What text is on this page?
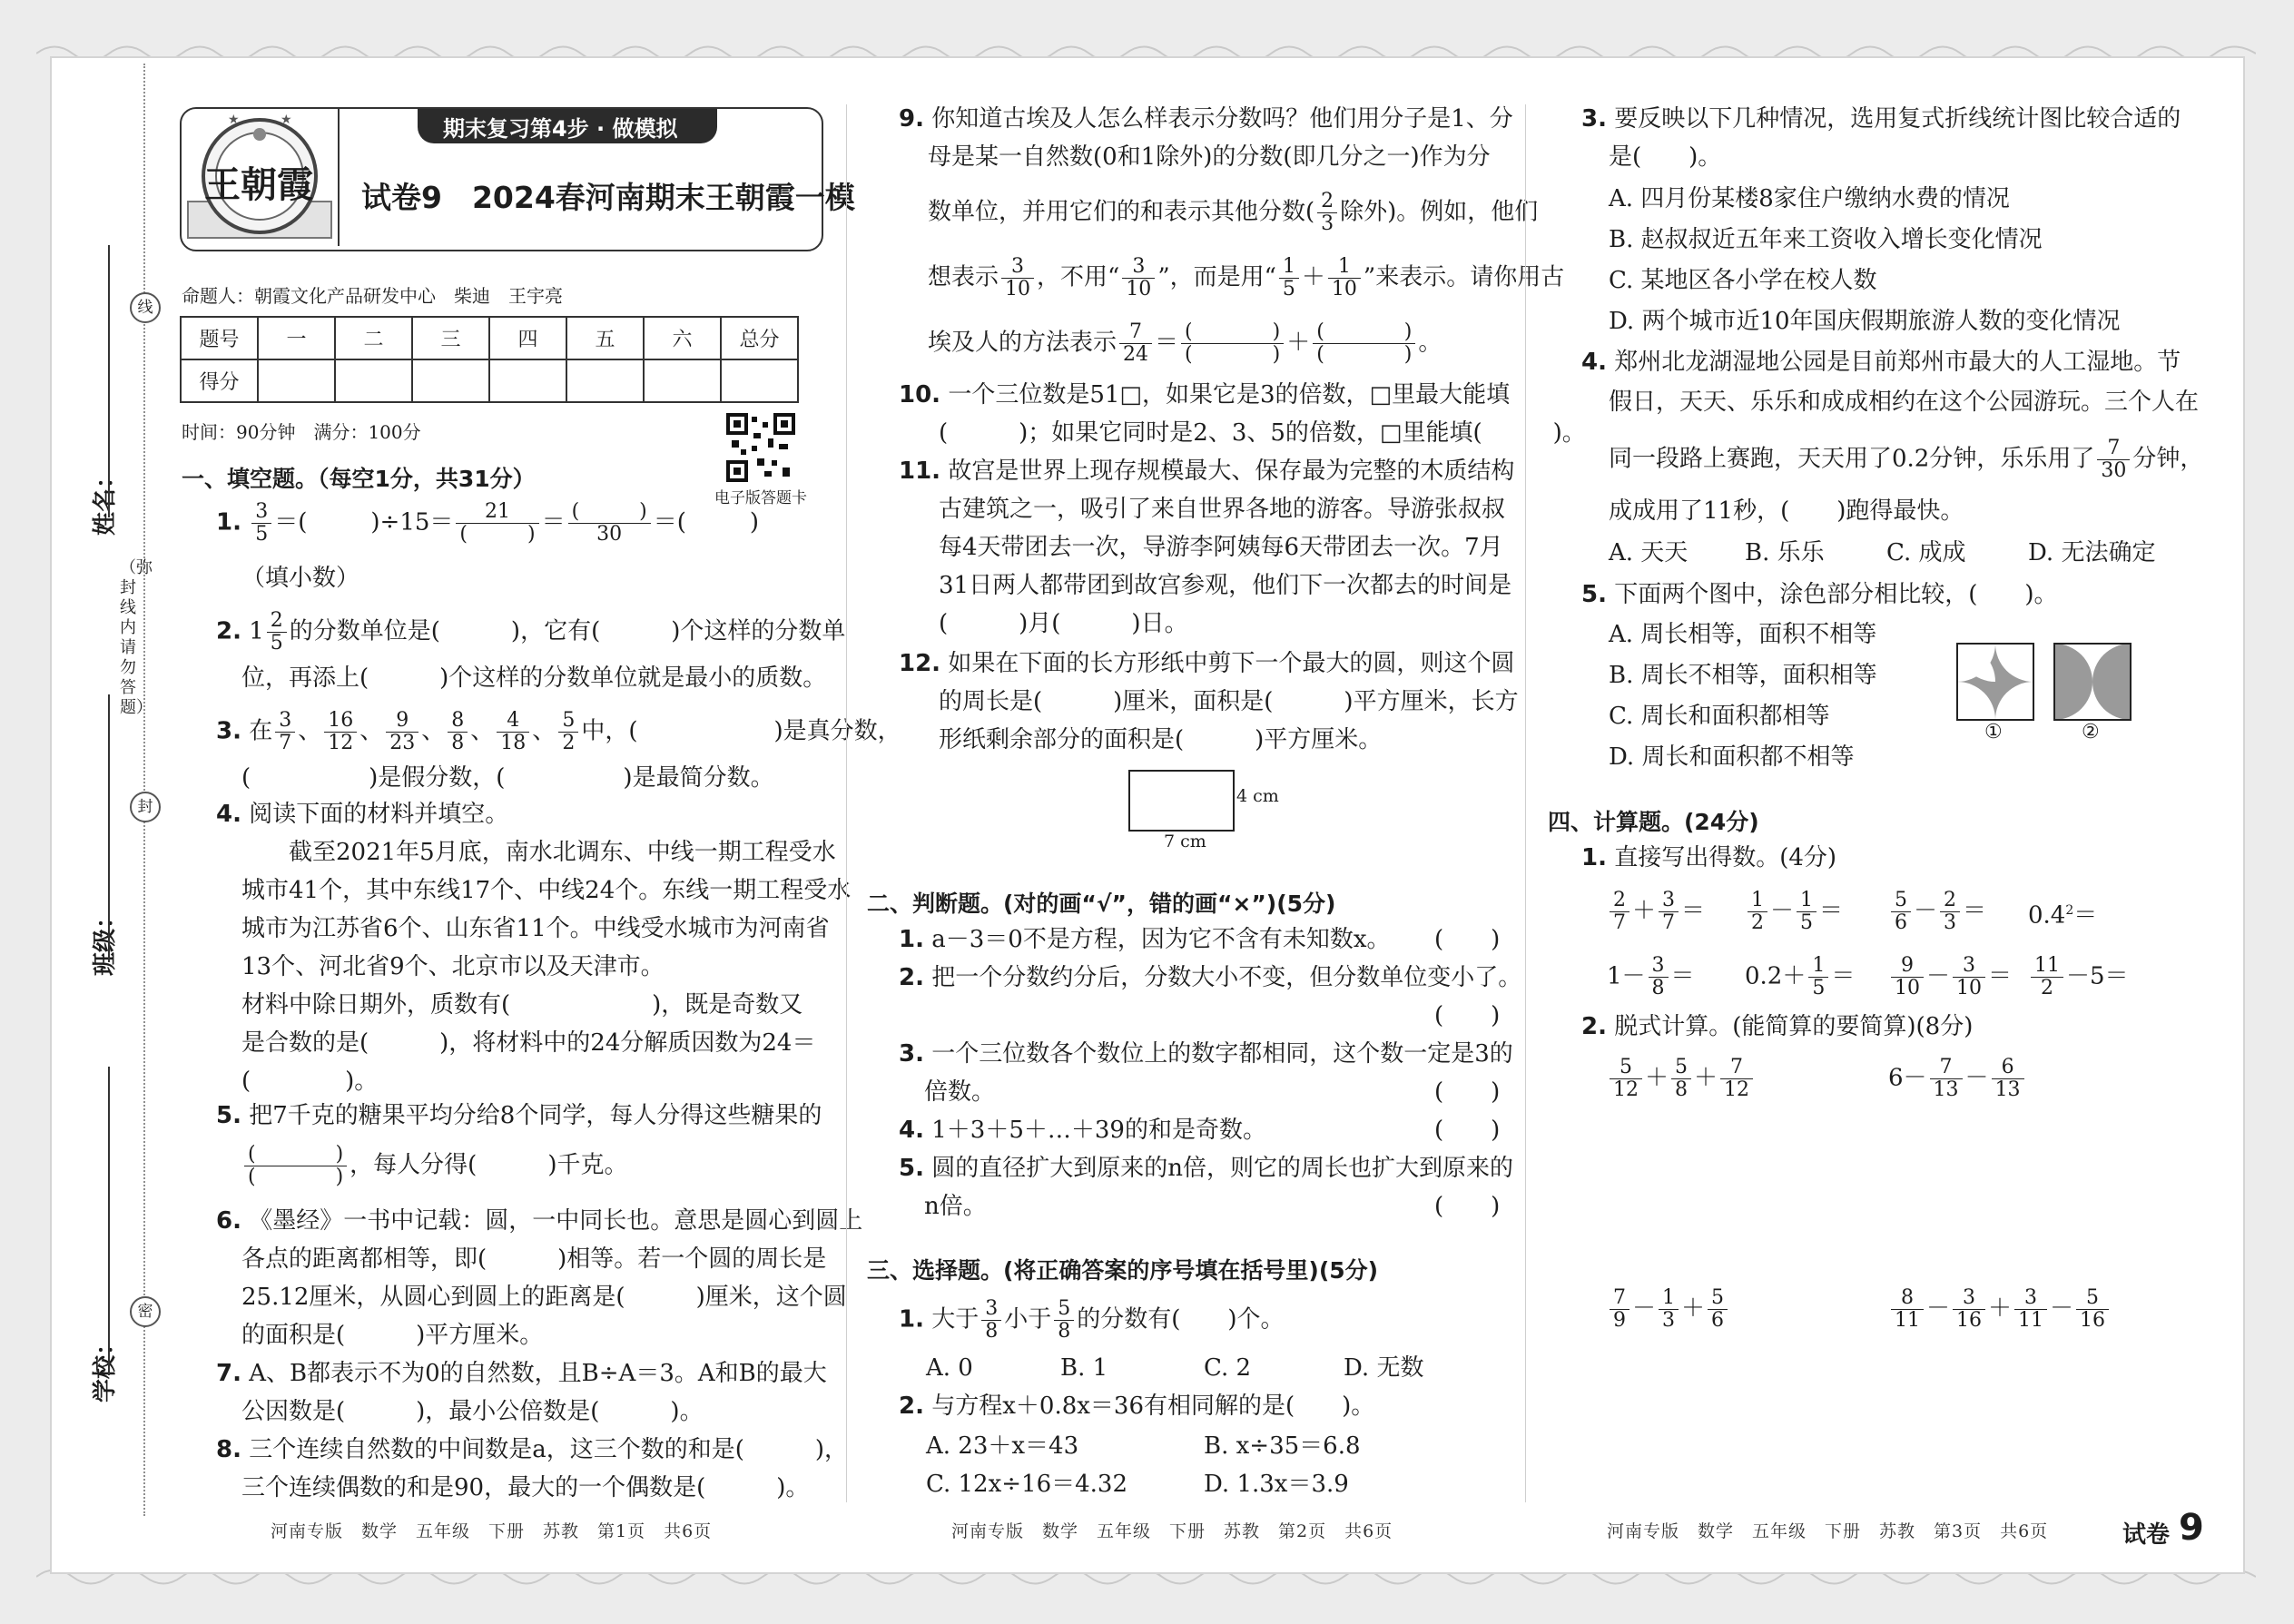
线
封
密
（弥封线内请勿答题）
姓名：
班级：
学校：
★	★
王朝霞
期末复习第4步 · 做模拟
试卷9　2024春河南期末王朝霞一模
命题人：朝霞文化产品研发中心　柴迪　王宇亮
题号	一	二	三	四	五	六	总分
得分							
时间：90分钟　满分：100分
电子版答题卡
一、填空题。（每空1分，共31分）
1. $\frac{3}{5}$ ＝(	)$\div 15= \frac{21}{( )} = \frac{( )}{30}$ ＝(	)
（填小数）
2. $1 \frac{2}{5}$ 的分数单位是(　　　)，它有(　　　)个这样的分数单
位，再添上(　　　)个这样的分数单位就是最小的质数。
3. 在 $\frac{3}{7}$ 、 $\frac{16}{12}$ 、 $\frac{9}{23}$ 、 $\frac{8}{8}$ 、 $\frac{4}{18}$ 、 $\frac{5}{2}$ 中，(	)是真分数，
(　　　　　)是假分数，(　　　　　)是最简分数。
4. 阅读下面的材料并填空。
　　截至2021年5月底，南水北调东、中线一期工程受水
城市41个，其中东线17个、中线24个。东线一期工程受水
城市为江苏省6个、山东省11个。中线受水城市为河南省
13个、河北省9个、北京市以及天津市。
材料中除日期外，质数有(　　　　　　)，既是奇数又
是合数的是(　　　)，将材料中的24分解质因数为24＝
(　　　　)。
5. 把7千克的糖果平均分给8个同学，每人分得这些糖果的
$\frac{( )}{( )}$ ，每人分得(　　　)千克。
6. 《墨经》一书中记载：圆，一中同长也。意思是圆心到圆上
各点的距离都相等，即(　　　)相等。若一个圆的周长是
25.12厘米，从圆心到圆上的距离是(　　　)厘米，这个圆
的面积是(　　　)平方厘米。
7. A、B都表示不为0的自然数，且B÷A＝3。A和B的最大
公因数是(　　　)，最小公倍数是(　　　)。
8. 三个连续自然数的中间数是a，这三个数的和是(　　　)，
三个连续偶数的和是90，最大的一个偶数是(　　　)。
9. 你知道古埃及人怎么样表示分数吗？他们用分子是1、分
母是某一自然数(0和1除外)的分数(即几分之一)作为分
数单位，并用它们的和表示其他分数( $\frac{2}{3}$ 除外)。例如，他们
想表示 $\frac{3}{10}$ ，不用“ $\frac{3}{10}$ ”，而是用“ $\frac{1}{5} + \frac{1}{10}$ ”来表示。请你用古
埃及人的方法表示 $\frac{7}{24} = \frac{( )}{( )} + \frac{( )}{( )}$ 。
10. 一个三位数是51□，如果它是3的倍数，□里最大能填
(　　　)；如果它同时是2、3、5的倍数，□里能填(　　　)。
11. 故宫是世界上现存规模最大、保存最为完整的木质结构
古建筑之一，吸引了来自世界各地的游客。导游张叔叔
每4天带团去一次，导游李阿姨每6天带团去一次。7月
31日两人都带团到故宫参观，他们下一次都去的时间是
(　　　)月(　　　)日。
12. 如果在下面的长方形纸中剪下一个最大的圆，则这个圆
的周长是(　　　)厘米，面积是(　　　)平方厘米，长方
形纸剩余部分的面积是(　　　)平方厘米。
4 cm
7 cm
二、判断题。(对的画“√”，错的画“×”)(5分)
1. a－3＝0不是方程，因为它不含有未知数x。 (　　)
2. 把一个分数约分后，分数大小不变，但分数单位变小了。
(　　)
3. 一个三位数各个数位上的数字都相同，这个数一定是3的
倍数。	(　　)
4. 1＋3＋5＋…＋39的和是奇数。	(　　)
5. 圆的直径扩大到原来的n倍，则它的周长也扩大到原来的
n倍。	(　　)
三、选择题。(将正确答案的序号填在括号里)(5分)
1. 大于 $\frac{3}{8}$ 小于 $\frac{5}{8}$ 的分数有(　　)个。
A. 0	B. 1	C. 2	D. 无数
2. 与方程x＋0.8x＝36有相同解的是(　　)。
A. 23＋x＝43	B. x÷35＝6.8
C. 12x÷16＝4.32	D. 1.3x＝3.9
3. 要反映以下几种情况，选用复式折线统计图比较合适的
是(　　)。
A. 四月份某楼8家住户缴纳水费的情况
B. 赵叔叔近五年来工资收入增长变化情况
C. 某地区各小学在校人数
D. 两个城市近10年国庆假期旅游人数的变化情况
4. 郑州北龙湖湿地公园是目前郑州市最大的人工湿地。节
假日，天天、乐乐和成成相约在这个公园游玩。三个人在
同一段路上赛跑，天天用了0.2分钟，乐乐用了 $\frac{7}{30}$ 分钟，
成成用了11秒，(　　)跑得最快。
A. 天天 B. 乐乐	C. 成成	D. 无法确定
5. 下面两个图中，涂色部分相比较，(　　)。
A. 周长相等，面积不相等
B. 周长不相等，面积相等
C. 周长和面积都相等
D. 周长和面积都不相等
①	②
四、计算题。(24分)
1. 直接写出得数。(4分)
$\frac{2}{7} + \frac{3}{7} = \frac{1}{2} - \frac{1}{5} = \frac{5}{6} - \frac{2}{3} = 0.4^2=$
$1- \frac{3}{8} = 0.2+ \frac{1}{5} = \frac{9}{10} - \frac{3}{10} = \frac{11}{2} -5=$
2. 脱式计算。(能简算的要简算)(8分)
$\frac{5}{12} + \frac{5}{8} + \frac{7}{12}$	$6- \frac{7}{13} - \frac{6}{13}$
$\frac{7}{9} - \frac{1}{3} + \frac{5}{6}$	$\frac{8}{11} - \frac{3}{16} + \frac{3}{11} - \frac{5}{16}$
河南专版　数学　五年级　下册　苏教　第1页　共6页	河南专版　数学　五年级　下册　苏教　第2页　共6页	河南专版　数学　五年级　下册　苏教　第3页　共6页	试卷 9
